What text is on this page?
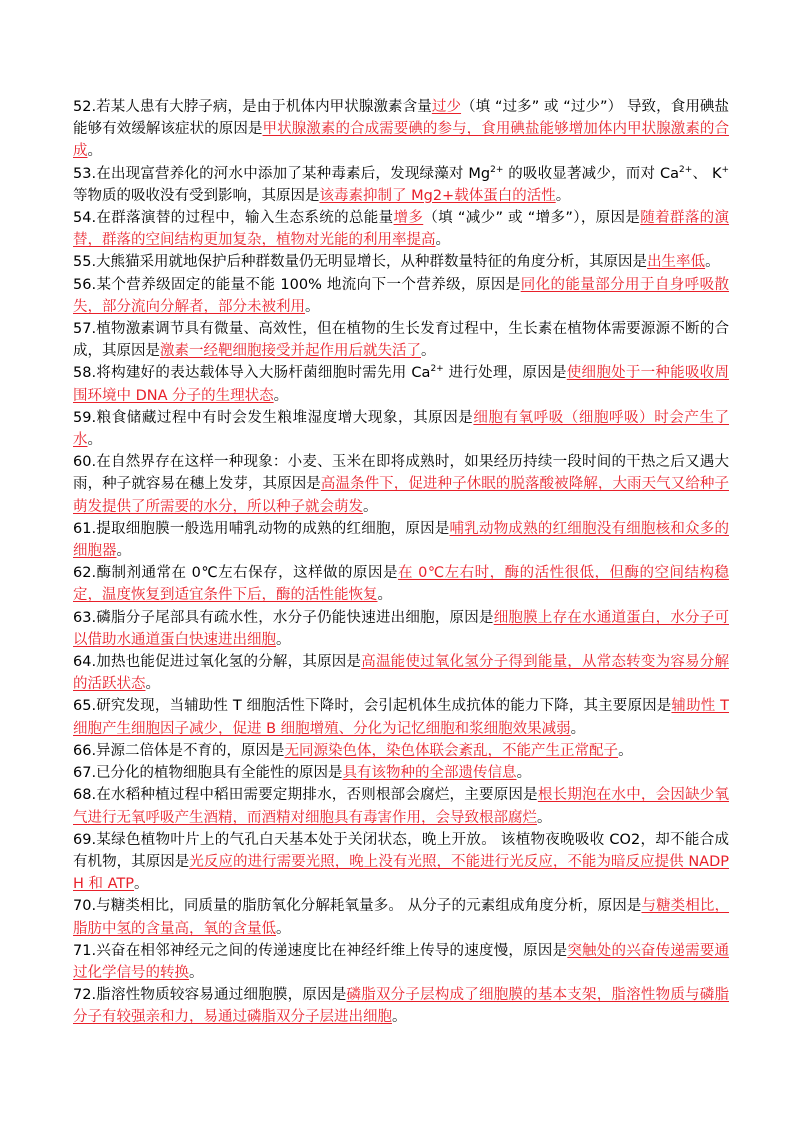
52.若某人患有大脖子病，是由于机体内甲状腺激素含量过少（填 “过多” 或 “过少”） 导致，食用碘盐能够有效缓解该症状的原因是甲状腺激素的合成需要碘的参与，食用碘盐能够增加体内甲状腺激素的合成。

53.在出现富营养化的河水中添加了某种毒素后，发现绿藻对 $Mg^{2+}$ 的吸收显著减少，而对 $Ca^{2+}$、 K+ 等物质的吸收没有受到影响，其原因是该毒素抑制了 Mg2+载体蛋白的活性。

54.在群落演替的过程中，输入生态系统的总能量增多（填 “减少” 或 “增多”），原因是随着群落的演 替，群落的空间结构更加复杂，植物对光能的利用率提高。

55.大熊猫采用就地保护后种群数量仍无明显增长，从种群数量特征的角度分析，其原因是出生率低。

56.某个营养级固定的能量不能 100% 地流向下一个营养级，原因是同化的能量部分用于自身呼吸散失，部分流向分解者，部分未被利用。

57.植物激素调节具有微量、高效性，但在植物的生长发育过程中，生长素在植物体需要源源不断的合成，其原因是激素一经靶细胞接受并起作用后就失活了。

58.将构建好的表达载体导入大肠杆菌细胞时需先用 $Ca^{2+}$ 进行处理，原因是使细胞处于一种能吸收周围环境中 DNA 分子的生理状态。

59.粮食储藏过程中有时会发生粮堆湿度增大现象，其原因是细胞有氧呼吸（细胞呼吸）时会产生了水。

60.在自然界存在这样一种现象：小麦、玉米在即将成熟时，如果经历持续一段时间的干热之后又遇大雨，种子就容易在穗上发芽，其原因是高温条件下，促进种子休眠的脱落酸被降解，大雨天气又给种子萌发提供了所需要的水分，所以种子就会萌发。

61.提取细胞膜一般选用哺乳动物的成熟的红细胞，原因是哺乳动物成熟的红细胞没有细胞核和众多的细胞器。

62.酶制剂通常在 0℃左右保存，这样做的原因是在 0℃左右时，酶的活性很低，但酶的空间结构稳定，温度恢复到适宜条件下后，酶的活性能恢复。

63.磷脂分子尾部具有疏水性，水分子仍能快速进出细胞，原因是细胞膜上存在水通道蛋白，水分子可以借助水通道蛋白快速进出细胞。

64.加热也能促进过氧化氢的分解，其原因是高温能使过氧化氢分子得到能量，从常态转变为容易分解的活跃状态。

65.研究发现，当辅助性 T 细胞活性下降时，会引起机体生成抗体的能力下降，其主要原因是辅助性 T 细胞产生细胞因子减少，促进 B 细胞增殖、分化为记忆细胞和浆细胞效果减弱。

66.异源二倍体是不育的，原因是无同源染色体，染色体联会紊乱，不能产生正常配子。

67.已分化的植物细胞具有全能性的原因是具有该物种的全部遗传信息。

68.在水稻种植过程中稻田需要定期排水，否则根部会腐烂，主要原因是根长期泡在水中，会因缺少氧气进行无氧呼吸产生酒精，而酒精对细胞具有毒害作用，会导致根部腐烂。

69.某绿色植物叶片上的气孔白天基本处于关闭状态，晚上开放。 该植物夜晚吸收 CO2，却不能合成有机物，其原因是光反应的进行需要光照，晚上没有光照，不能进行光反应，不能为暗反应提供 NADPH 和 ATP。

70.与糖类相比，同质量的脂肪氧化分解耗氧量多。 从分子的元素组成角度分析，原因是与糖类相比，脂肪中氢的含量高，氧的含量低。

71.兴奋在相邻神经元之间的传递速度比在神经纤维上传导的速度慢，原因是突触处的兴奋传递需要通过化学信号的转换。

72.脂溶性物质较容易通过细胞膜，原因是磷脂双分子层构成了细胞膜的基本支架，脂溶性物质与磷脂分子有较强亲和力，易通过磷脂双分子层进出细胞。
